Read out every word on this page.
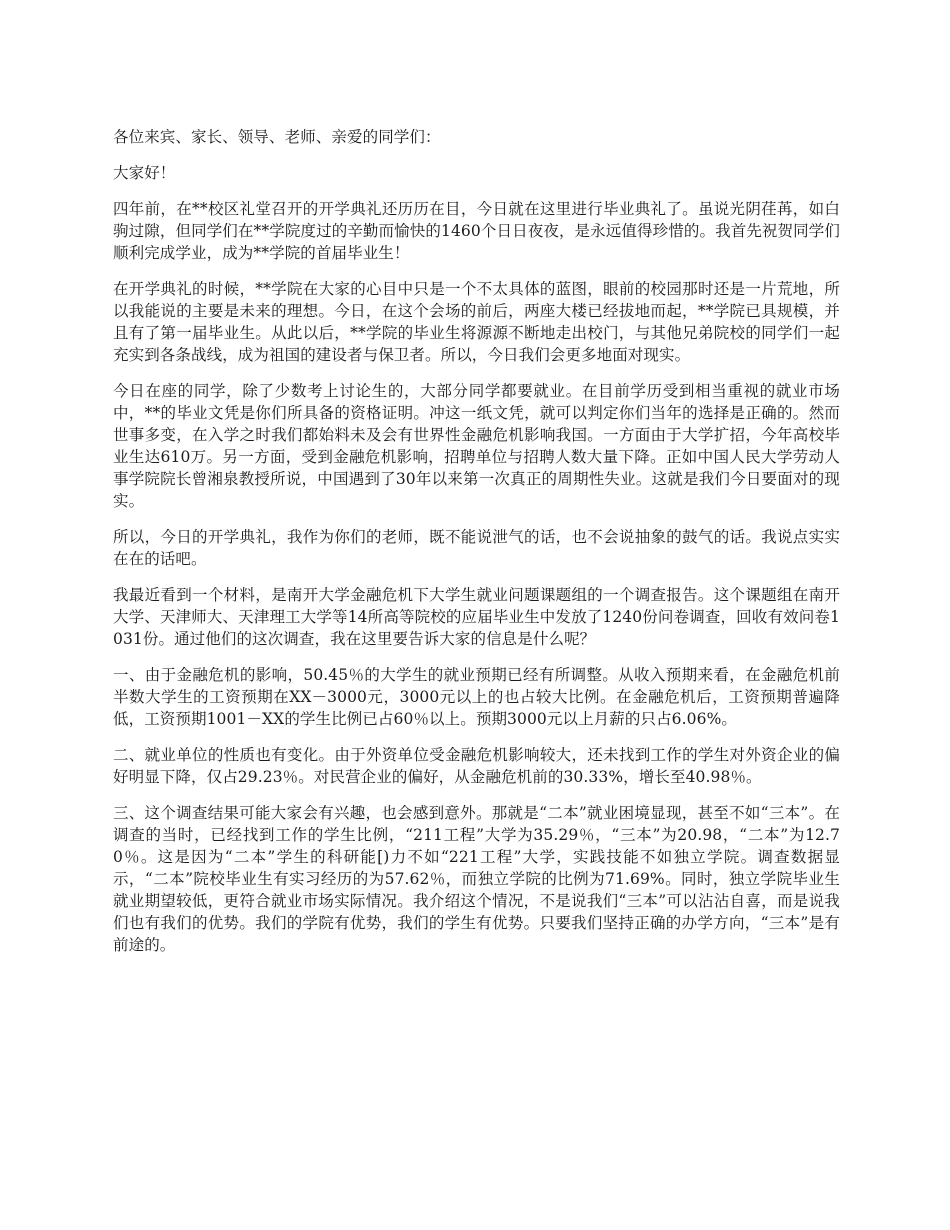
各位来宾、家长、领导、老师、亲爱的同学们：

大家好！

四年前，在**校区礼堂召开的开学典礼还历历在目，今日就在这里进行毕业典礼了。虽说光阴荏苒，如白驹过隙，但同学们在**学院度过的辛勤而愉快的1460个日日夜夜，是永远值得珍惜的。我首先祝贺同学们顺利完成学业，成为**学院的首届毕业生！

在开学典礼的时候，**学院在大家的心目中只是一个不太具体的蓝图，眼前的校园那时还是一片荒地，所以我能说的主要是未来的理想。今日，在这个会场的前后，两座大楼已经拔地而起，**学院已具规模，并且有了第一届毕业生。从此以后，**学院的毕业生将源源不断地走出校门，与其他兄弟院校的同学们一起充实到各条战线，成为祖国的建设者与保卫者。所以，今日我们会更多地面对现实。

今日在座的同学，除了少数考上讨论生的，大部分同学都要就业。在目前学历受到相当重视的就业市场中，**的毕业文凭是你们所具备的资格证明。冲这一纸文凭，就可以判定你们当年的选择是正确的。然而世事多变，在入学之时我们都始料未及会有世界性金融危机影响我国。一方面由于大学扩招，今年高校毕业生达610万。另一方面，受到金融危机影响，招聘单位与招聘人数大量下降。正如中国人民大学劳动人事学院院长曾湘泉教授所说，中国遇到了30年以来第一次真正的周期性失业。这就是我们今日要面对的现实。

所以，今日的开学典礼，我作为你们的老师，既不能说泄气的话，也不会说抽象的鼓气的话。我说点实实在在的话吧。

我最近看到一个材料，是南开大学金融危机下大学生就业问题课题组的一个调查报告。这个课题组在南开大学、天津师大、天津理工大学等14所高等院校的应届毕业生中发放了1240份问卷调查，回收有效问卷1031份。通过他们的这次调查，我在这里要告诉大家的信息是什么呢？

一、由于金融危机的影响，50.45％的大学生的就业预期已经有所调整。从收入预期来看，在金融危机前半数大学生的工资预期在XX－3000元，3000元以上的也占较大比例。在金融危机后，工资预期普遍降低，工资预期1001－XX的学生比例已占60％以上。预期3000元以上月薪的只占6.06%。

二、就业单位的性质也有变化。由于外资单位受金融危机影响较大，还未找到工作的学生对外资企业的偏好明显下降，仅占29.23％。对民营企业的偏好，从金融危机前的30.33%，增长至40.98％。

三、这个调查结果可能大家会有兴趣，也会感到意外。那就是“二本”就业困境显现，甚至不如“三本”。在调查的当时，已经找到工作的学生比例，“211工程”大学为35.29％，“三本”为20.98，“二本”为12.70％。这是因为“二本”学生的科研能[)力不如“221工程”大学，实践技能不如独立学院。调查数据显示，“二本”院校毕业生有实习经历的为57.62％，而独立学院的比例为71.69%。同时，独立学院毕业生就业期望较低，更符合就业市场实际情况。我介绍这个情况，不是说我们“三本”可以沾沾自喜，而是说我们也有我们的优势。我们的学院有优势，我们的学生有优势。只要我们坚持正确的办学方向，“三本”是有前途的。
